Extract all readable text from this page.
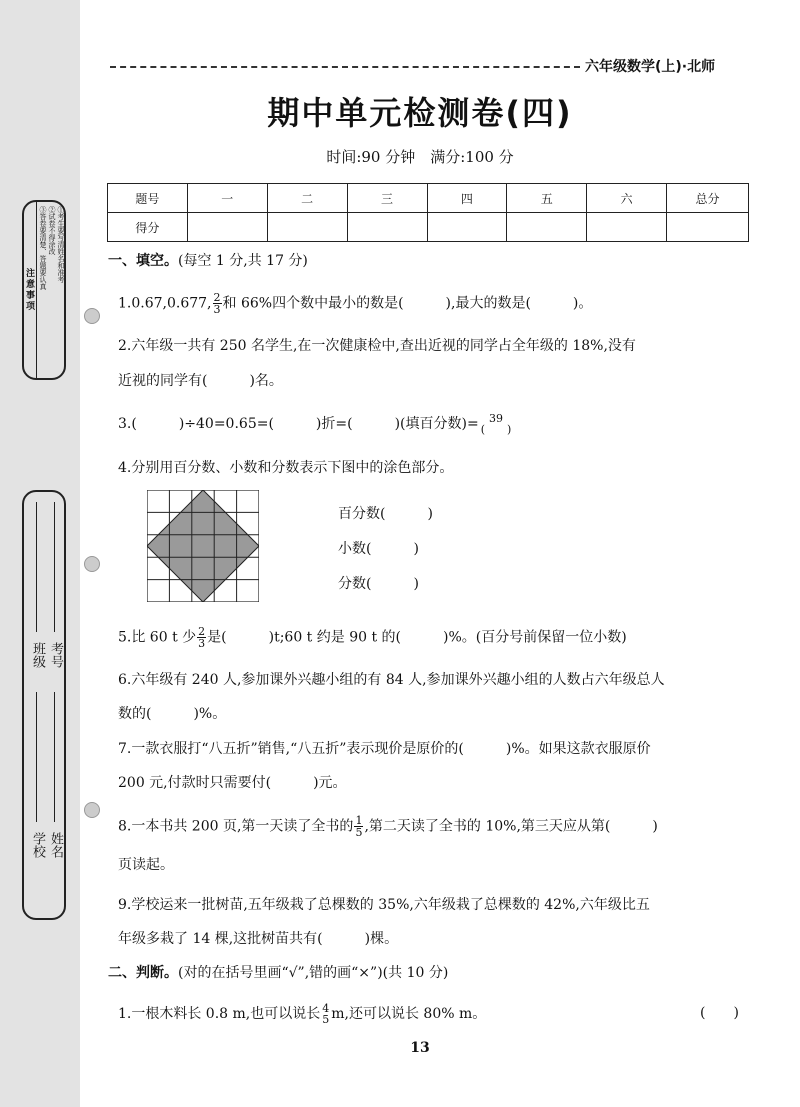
注意事项
①考生要写清姓名和准考
②试卷不得涂改
③答卷要清楚、答题要认真
学校 姓名
班级 考号
六年级数学(上)·北师
期中单元检测卷(四)
时间:90 分钟　满分:100 分
题号	一	二	三	四	五	六	总分
得分							
一、填空。(每空 1 分,共 17 分)
1.0.67,0.677, $\frac{2}{3}$ 和 66%四个数中最小的数是(　　　),最大的数是(　　　)。
2.六年级一共有 250 名学生,在一次健康检中,查出近视的同学占全年级的 18%,没有
近视的同学有(　　　)名。
3.(　　　)÷40=0.65=(　　　)折=(　　　)(填百分数)= 39
(　　)
4.分别用百分数、小数和分数表示下图中的涂色部分。
百分数(　　　)
小数(　　　)
分数(　　　)
5.比 60 t 少 $\frac{2}{3}$ 是(　　　)t;60 t 约是 90 t 的(　　　)%。(百分号前保留一位小数)
6.六年级有 240 人,参加课外兴趣小组的有 84 人,参加课外兴趣小组的人数占六年级总人
数的(　　　)%。
7.一款衣服打“八五折”销售,“八五折”表示现价是原价的(　　　)%。如果这款衣服原价
200 元,付款时只需要付(　　　)元。
8.一本书共 200 页,第一天读了全书的 $\frac{1}{5}$ ,第二天读了全书的 10%,第三天应从第(　　　)
页读起。
9.学校运来一批树苗,五年级栽了总棵数的 35%,六年级栽了总棵数的 42%,六年级比五
年级多栽了 14 棵,这批树苗共有(　　　)棵。
二、判断。(对的在括号里画“√”,错的画“×”)(共 10 分)
1.一根木料长 0.8 m,也可以说长 4
5 m,还可以说长 80% m。	(　　)
13
